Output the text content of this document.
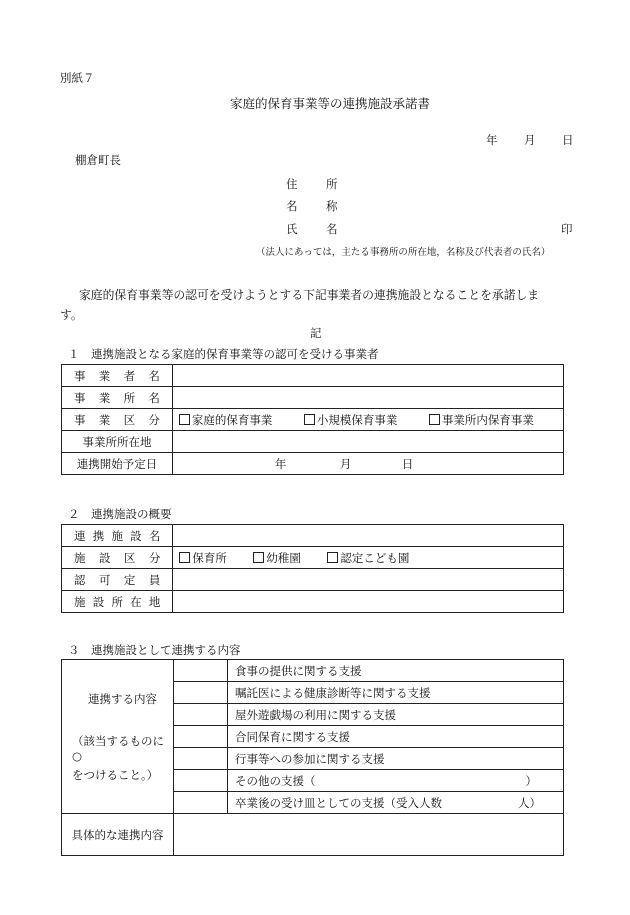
別紙７
家庭的保育事業等の連携施設承諾書
年 月 日
棚倉町長
住 所
名 称
氏 名	印
（法人にあっては，主たる事務所の所在地，名称及び代表者の氏名）
家庭的保育事業等の認可を受けようとする下記事業者の連携施設となることを承諾しま
す。
記
１　連携施設となる家庭的保育事業等の認可を受ける事業者
事 業 者 名	

事 業 所 名	

事 業 区 分	家庭的保育事業 小規模保育事業 事業所内保育事業
事業所所在地	
連携開始予定日	年 月 日
２　連携施設の概要
連 携 施 設 名	

施 設 区 分	保育所 幼稚園 認定こども園

認 可 定 員	

施 設 所 在 地	

３　連携施設として連携する内容
連携する内容
（該当するものに○
をつけること。）		食事の提供に関する支援
		嘱託医による健康診断等に関する支援
		屋外遊戯場の利用に関する支援
		合同保育に関する支援
		行事等への参加に関する支援
		その他の支援（ ）

		卒業後の受け皿としての支援（受入人数 人）

具体的な連携内容		
